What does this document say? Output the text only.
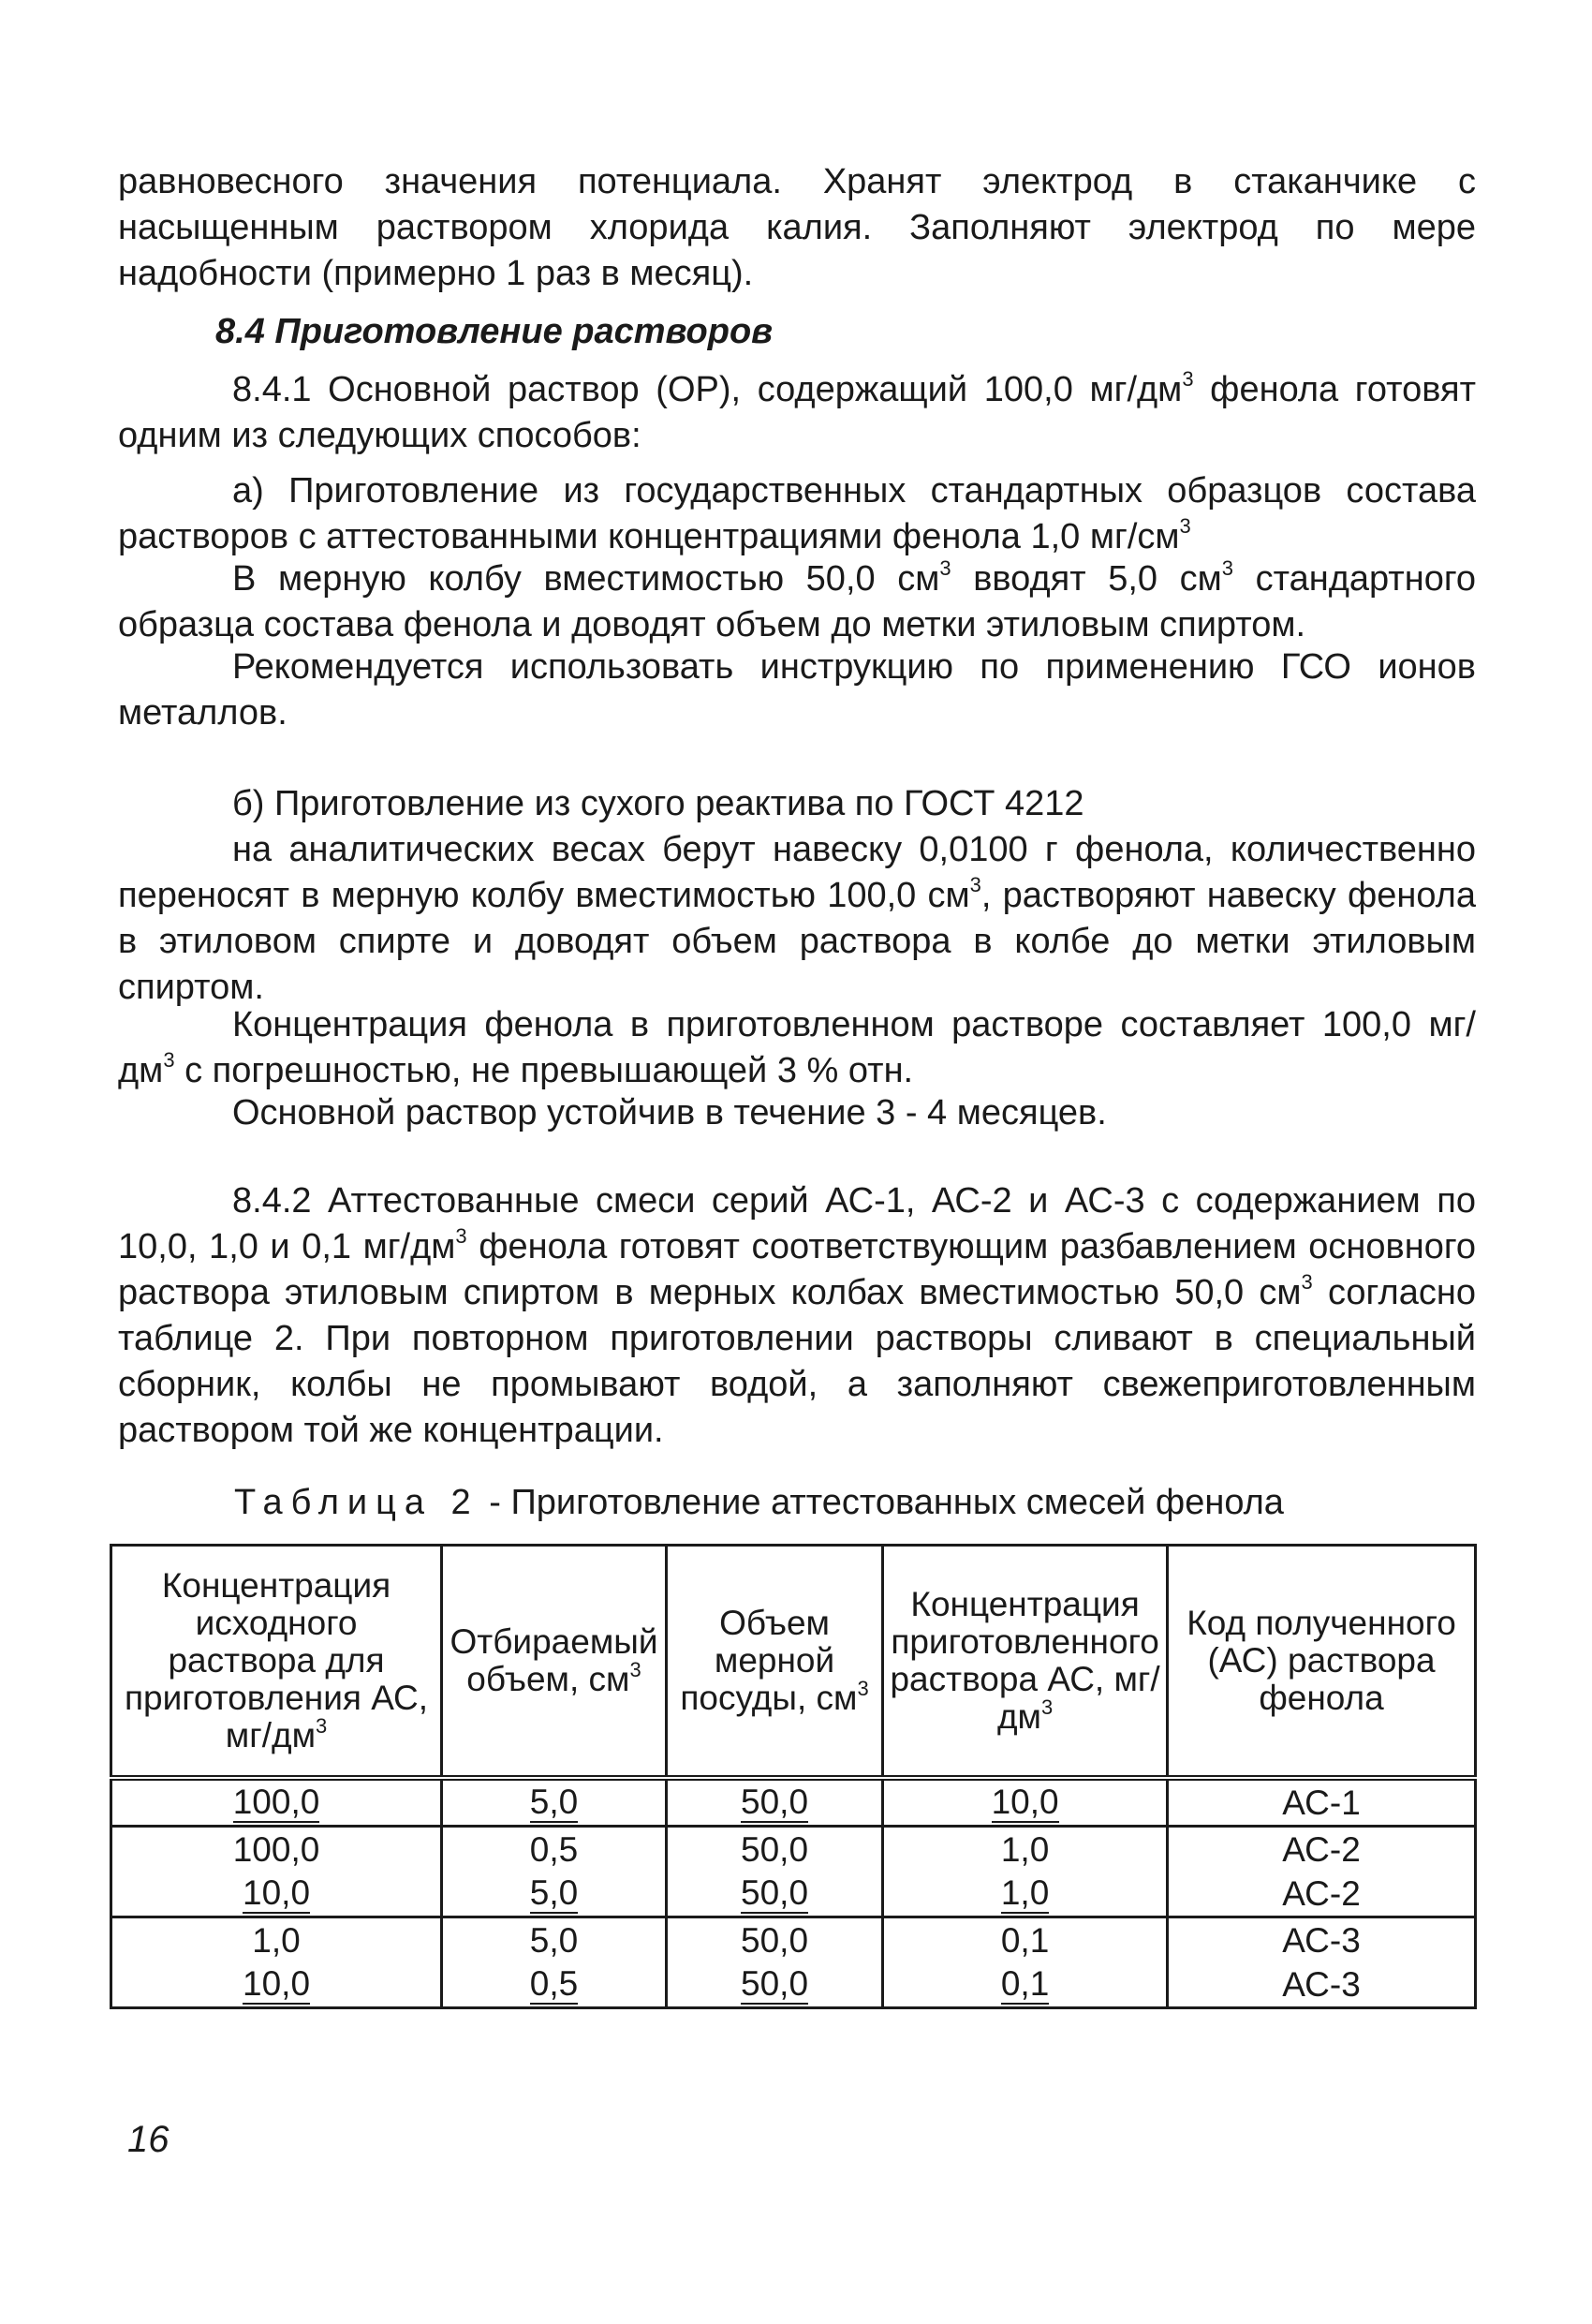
равновесного значения потенциала. Хранят электрод в стаканчике с насыщенным раствором хлорида калия. Заполняют электрод по мере надобности (примерно 1 раз в месяц).

8.4 Приготовление растворов

8.4.1 Основной раствор (ОР), содержащий 100,0 $мг/дм^3$ фенола готовят одним из следующих способов:

а) Приготовление из государственных стандартных образцов состава растворов с аттестованными концентрациями фенола 1,0 $мг/см^3$

В мерную колбу вместимостью 50,0 $см^3$ вводят 5,0 $см^3$ стандартного образца состава фенола и доводят объем до метки этиловым спиртом.

Рекомендуется использовать инструкцию по применению ГСО ионов металлов.

б) Приготовление из сухого реактива по ГОСТ 4212

на аналитических весах берут навеску 0,0100 г фенола, количественно переносят в мерную колбу вместимостью 100,0 $см^3$, растворяют навеску фенола в этиловом спирте и доводят объем раствора в колбе до метки этиловым спиртом.

Концентрация фенола в приготовленном растворе составляет 100,0 $мг/дм^3$ с погрешностью, не превышающей 3 % отн.

Основной раствор устойчив в течение 3 - 4 месяцев.

8.4.2 Аттестованные смеси серий АС-1, АС-2 и АС-3 с содержанием по 10,0, 1,0 и 0,1 $мг/дм^3$ фенола готовят соответствующим разбавлением основного раствора этиловым спиртом в мерных колбах вместимостью 50,0 $см^3$ согласно таблице 2. При повторном приготовлении растворы сливают в специальный сборник, колбы не промывают водой, а заполняют свежеприготовленным раствором той же концентрации.

Таблица 2 - Приготовление аттестованных смесей фенола

Концентрация исходного раствора для приготовления АС, $мг/дм^3$	Отбираемый объем, $см^3$	Объем мерной посуды, $см^3$	Концентрация приготовленного раствора АС, $мг/дм^3$	Код полученного (АС) раствора фенола
100,0	5,0	50,0	10,0	АС-1
100,0	0,5	50,0	1,0	АС-2
10,0	5,0	50,0	1,0	АС-2
1,0	5,0	50,0	0,1	АС-3
10,0	0,5	50,0	0,1	АС-3
16
